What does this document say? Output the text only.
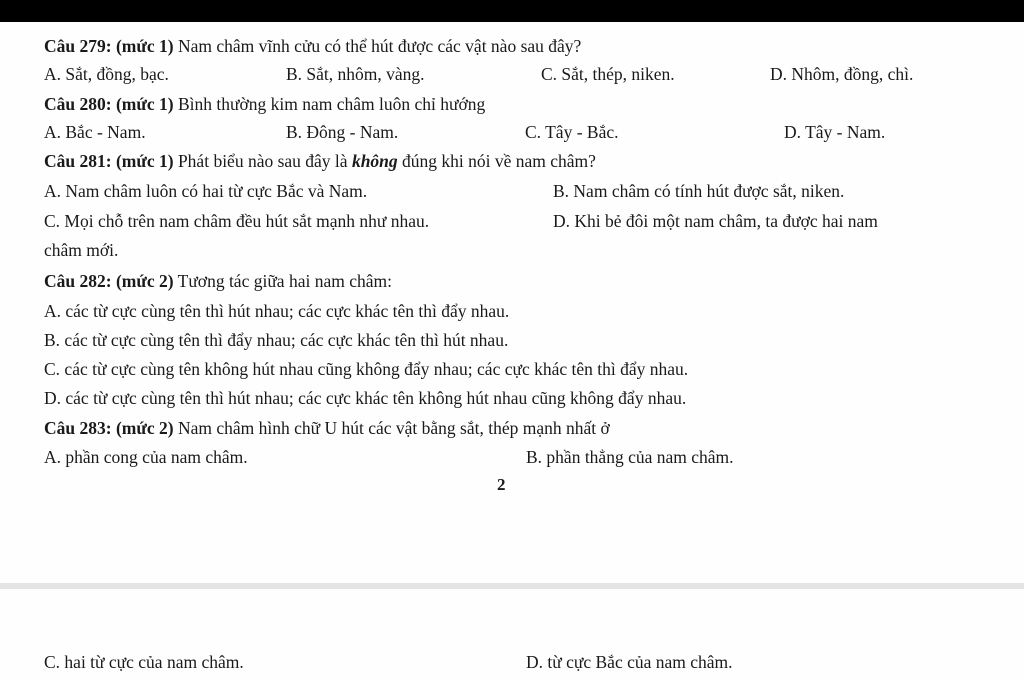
Câu 279: (mức 1) Nam châm vĩnh cửu có thể hút được các vật nào sau đây?
A. Sắt, đồng, bạc.	B. Sắt, nhôm, vàng.	C. Sắt, thép, niken.	D. Nhôm, đồng, chì.
Câu 280: (mức 1) Bình thường kim nam châm luôn chỉ hướng
A. Bắc - Nam.	B. Đông - Nam.	C. Tây - Bắc.	D. Tây - Nam.
Câu 281: (mức 1) Phát biểu nào sau đây là không đúng khi nói về nam châm?
A. Nam châm luôn có hai từ cực Bắc và Nam.	B. Nam châm có tính hút được sắt, niken.
C. Mọi chỗ trên nam châm đều hút sắt mạnh như nhau.	D. Khi bẻ đôi một nam châm, ta được hai nam
châm mới.
Câu 282: (mức 2) Tương tác giữa hai nam châm:
A. các từ cực cùng tên thì hút nhau; các cực khác tên thì đẩy nhau.
B. các từ cực cùng tên thì đẩy nhau; các cực khác tên thì hút nhau.
C. các từ cực cùng tên không hút nhau cũng không đẩy nhau; các cực khác tên thì đẩy nhau.
D. các từ cực cùng tên thì hút nhau; các cực khác tên không hút nhau cũng không đẩy nhau.
Câu 283: (mức 2) Nam châm hình chữ U hút các vật bằng sắt, thép mạnh nhất ở
A. phần cong của nam châm.	B. phần thẳng của nam châm.
2
C. hai từ cực của nam châm.	D. từ cực Bắc của nam châm.
